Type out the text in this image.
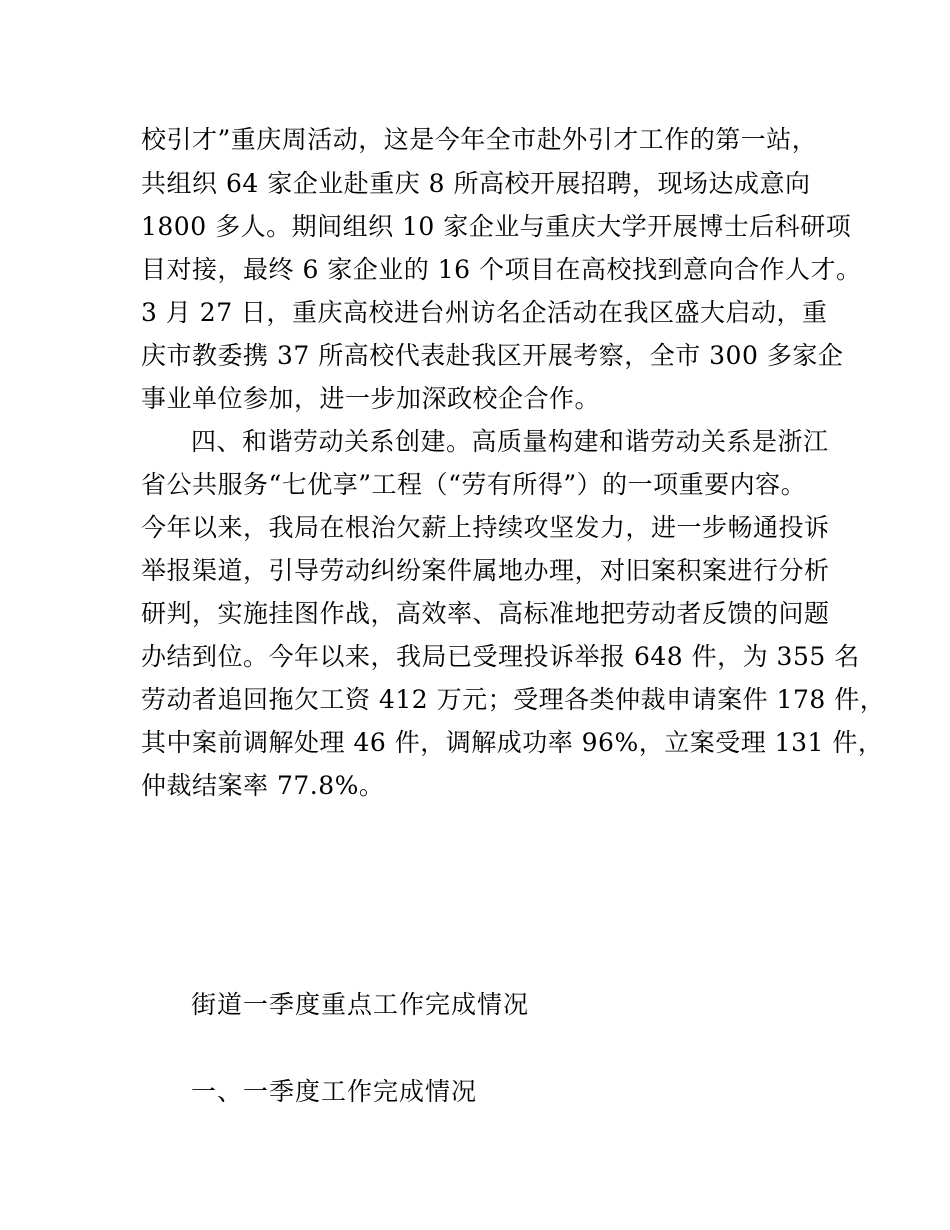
校引才”重庆周活动，这是今年全市赴外引才工作的第一站，
共组织 64 家企业赴重庆 8 所高校开展招聘，现场达成意向
1800 多人。期间组织 10 家企业与重庆大学开展博士后科研项
目对接，最终 6 家企业的 16 个项目在高校找到意向合作人才。
3 月 27 日，重庆高校进台州访名企活动在我区盛大启动，重
庆市教委携 37 所高校代表赴我区开展考察，全市 300 多家企
事业单位参加，进一步加深政校企合作。
四、和谐劳动关系创建。高质量构建和谐劳动关系是浙江
省公共服务“七优享”工程（“劳有所得”）的一项重要内容。
今年以来，我局在根治欠薪上持续攻坚发力，进一步畅通投诉
举报渠道，引导劳动纠纷案件属地办理，对旧案积案进行分析
研判，实施挂图作战，高效率、高标准地把劳动者反馈的问题
办结到位。今年以来，我局已受理投诉举报 648 件，为 355 名
劳动者追回拖欠工资 412 万元；受理各类仲裁申请案件 178 件，
其中案前调解处理 46 件，调解成功率 96%，立案受理 131 件，
仲裁结案率 77.8%。
街道一季度重点工作完成情况
一、一季度工作完成情况
